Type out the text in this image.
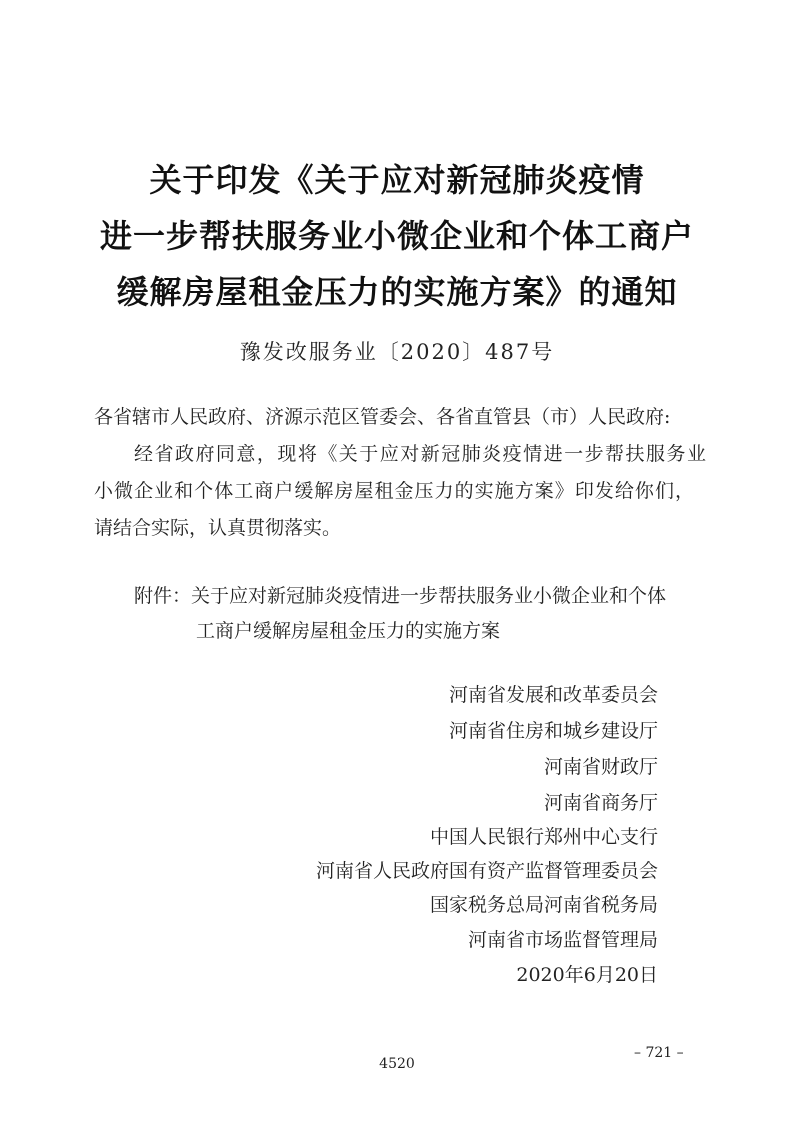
关于印发《关于应对新冠肺炎疫情
进一步帮扶服务业小微企业和个体工商户
缓解房屋租金压力的实施方案》的通知
豫发改服务业〔2020〕487号
各省辖市人民政府、济源示范区管委会、各省直管县（市）人民政府:
经省政府同意，现将《关于应对新冠肺炎疫情进一步帮扶服务业
小微企业和个体工商户缓解房屋租金压力的实施方案》印发给你们，
请结合实际，认真贯彻落实。
附件：关于应对新冠肺炎疫情进一步帮扶服务业小微企业和个体
工商户缓解房屋租金压力的实施方案
河南省发展和改革委员会
河南省住房和城乡建设厅
河南省财政厅
河南省商务厅
中国人民银行郑州中心支行
河南省人民政府国有资产监督管理委员会
国家税务总局河南省税务局
河南省市场监督管理局
2020年6月20日
– 721 –
4520
